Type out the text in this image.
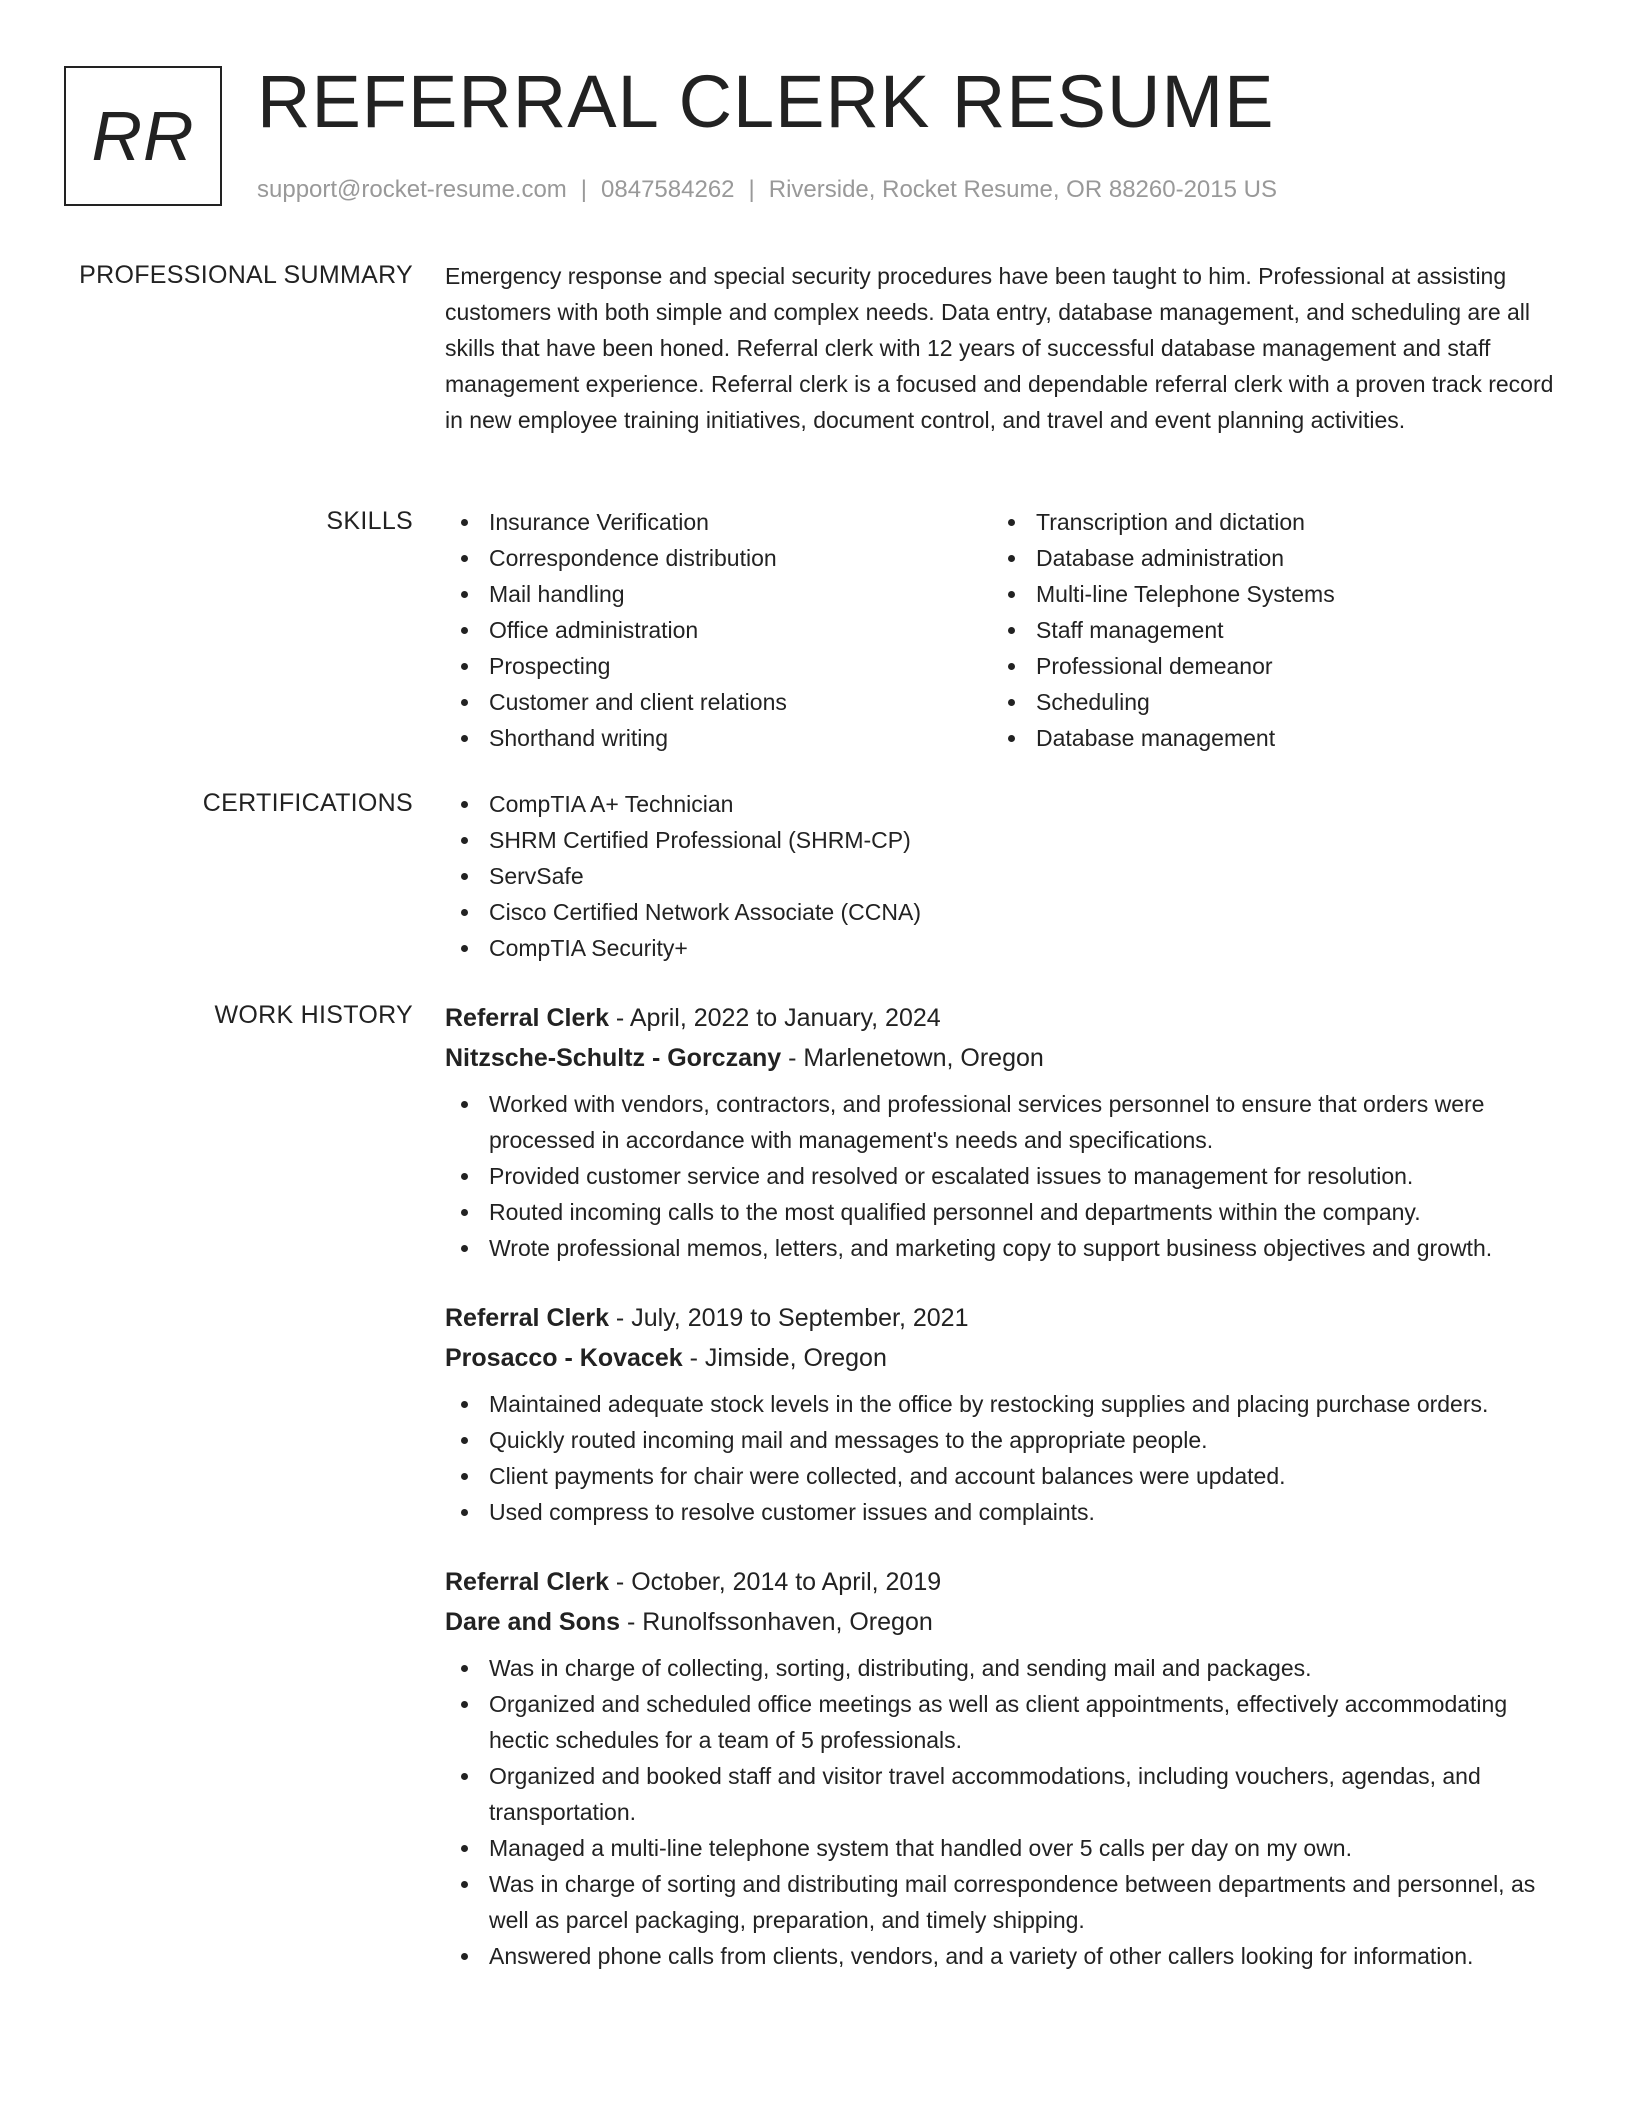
RR REFERRAL CLERK RESUME
support@rocket-resume.com | 0847584262 | Riverside, Rocket Resume, OR 88260-2015 US
PROFESSIONAL SUMMARY Emergency response and special security procedures have been taught to him. Professional at assisting customers with both simple and complex needs. Data entry, database management, and scheduling are all skills that have been honed. Referral clerk with 12 years of successful database management and staff management experience. Referral clerk is a focused and dependable referral clerk with a proven track record in new employee training initiatives, document control, and travel and event planning activities.
SKILLS	Insurance Verification
Correspondence distribution
Mail handling
Office administration
Prospecting
Customer and client relations
Shorthand writing
Transcription and dictation
Database administration
Multi-line Telephone Systems
Staff management
Professional demeanor
Scheduling
Database management
CERTIFICATIONS	CompTIA A+ Technician
SHRM Certified Professional (SHRM-CP)
ServSafe
Cisco Certified Network Associate (CCNA)
CompTIA Security+
WORK HISTORY Referral Clerk - April, 2022 to January, 2024
Nitzsche-Schultz - Gorczany - Marlenetown, Oregon
Worked with vendors, contractors, and professional services personnel to ensure that orders were processed in accordance with management's needs and specifications.
Provided customer service and resolved or escalated issues to management for resolution.
Routed incoming calls to the most qualified personnel and departments within the company.
Wrote professional memos, letters, and marketing copy to support business objectives and growth.
Referral Clerk - July, 2019 to September, 2021
Prosacco - Kovacek - Jimside, Oregon
Maintained adequate stock levels in the office by restocking supplies and placing purchase orders.
Quickly routed incoming mail and messages to the appropriate people.
Client payments for chair were collected, and account balances were updated.
Used compress to resolve customer issues and complaints.
Referral Clerk - October, 2014 to April, 2019
Dare and Sons - Runolfssonhaven, Oregon
Was in charge of collecting, sorting, distributing, and sending mail and packages.
Organized and scheduled office meetings as well as client appointments, effectively accommodating hectic schedules for a team of 5 professionals.
Organized and booked staff and visitor travel accommodations, including vouchers, agendas, and transportation.
Managed a multi-line telephone system that handled over 5 calls per day on my own.
Was in charge of sorting and distributing mail correspondence between departments and personnel, as well as parcel packaging, preparation, and timely shipping.
Answered phone calls from clients, vendors, and a variety of other callers looking for information.
